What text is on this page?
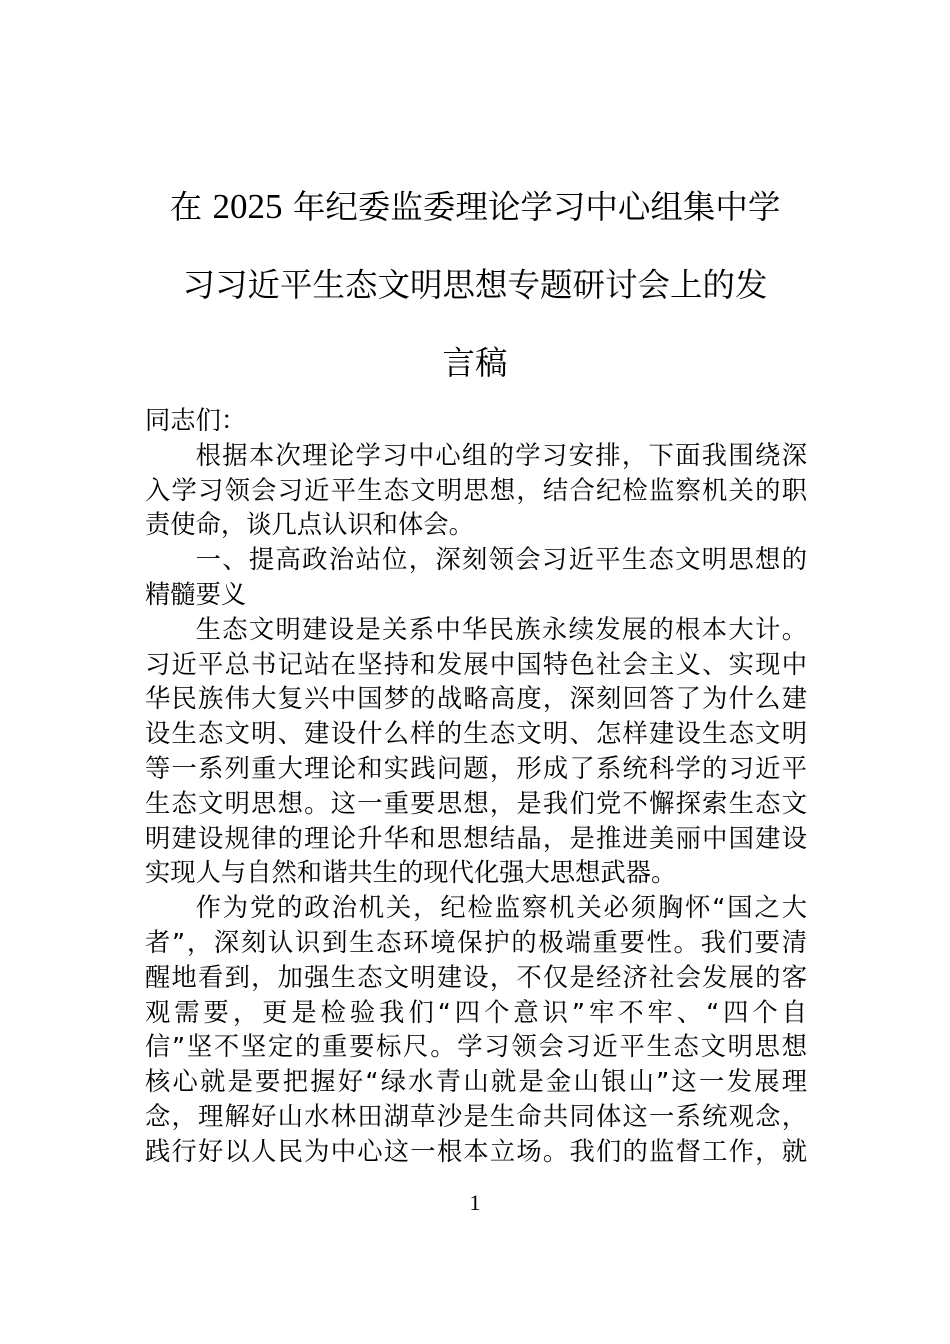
在 2025 年纪委监委理论学习中心组集中学
习习近平生态文明思想专题研讨会上的发
言稿
同志们：
根据本次理论学习中心组的学习安排，下面我围绕深
入学习领会习近平生态文明思想，结合纪检监察机关的职
责使命，谈几点认识和体会。
一、提高政治站位，深刻领会习近平生态文明思想的
精髓要义
生态文明建设是关系中华民族永续发展的根本大计。
习近平总书记站在坚持和发展中国特色社会主义、实现中
华民族伟大复兴中国梦的战略高度，深刻回答了为什么建
设生态文明、建设什么样的生态文明、怎样建设生态文明
等一系列重大理论和实践问题，形成了系统科学的习近平
生态文明思想。这一重要思想，是我们党不懈探索生态文
明建设规律的理论升华和思想结晶，是推进美丽中国建设
实现人与自然和谐共生的现代化强大思想武器。
作为党的政治机关，纪检监察机关必须胸怀“国之大
者”，深刻认识到生态环境保护的极端重要性。我们要清
醒地看到，加强生态文明建设，不仅是经济社会发展的客
观需要，更是检验我们“四个意识”牢不牢、“四个自
信”坚不坚定的重要标尺。学习领会习近平生态文明思想
核心就是要把握好“绿水青山就是金山银山”这一发展理
念，理解好山水林田湖草沙是生命共同体这一系统观念，
践行好以人民为中心这一根本立场。我们的监督工作，就
1
